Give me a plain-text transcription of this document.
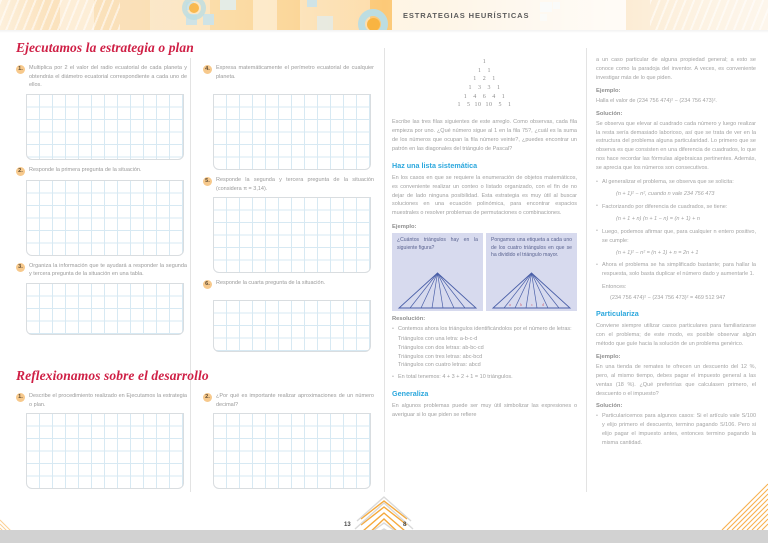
ESTRATEGIAS HEURÍSTICAS
Ejecutamos la estrategia o plan
1.	Multiplica por 2 el valor del radio ecuatorial de cada planeta y obtendrás el diámetro ecuatorial correspondiente a cada uno de ellos.
2.	Responde la primera pregunta de la situación.
3.	Organiza la información que te ayudará a responder la segunda y tercera pregunta de la situación en una tabla.
4.	Expresa matemáticamente el perímetro ecuatorial de cualquier planeta.
5.	Responde la segunda y tercera pregunta de la situación (considera π = 3,14).
6.	Responde la cuarta pregunta de la situación.
Reflexionamos sobre el desarrollo
1.	Describe el procedimiento realizado en Ejecutamos la estrategia o plan.
2.	¿Por qué es importante realizar aproximaciones de un número decimal?
1
1   1
1   2   1
1   3   3   1
1   4   6   4   1
1   5  10  10   5   1

Escribe las tres filas siguientes de este arreglo. Como observas, cada fila empieza por uno. ¿Qué número sigue al 1 en la fila 75?, ¿cuál es la suma de los números que ocupan la fila número veinte?, ¿puedes encontrar un patrón en las diagonales del triángulo de Pascal?

Haz una lista sistemática

En los casos en que se requiere la enumeración de objetos matemáticos, es conveniente realizar un conteo o listado organizado, con el fin de no dejar de lado ninguna posibilidad. Esta estrategia es muy útil al buscar soluciones en una ecuación polinómica, para encontrar espacios muestrales o resolver problemas de permutaciones o combinaciones.

Ejemplo:
¿Cuántos triángulos hay en la siguiente figura?
Pongamos una etiqueta a cada uno de los cuatro triángulos en que se ha dividido el triángulo mayor.
a b c d
Resolución:
• Contemos ahora los triángulos identificándolos por el número de letras:
Triángulos con una letra: a-b-c-d
Triángulos con dos letras: ab-bc-cd
Triángulos con tres letras: abc-bcd
Triángulos con cuatro letras: abcd
• En total tenemos: 4 + 3 + 2 + 1 = 10 triángulos.
Generaliza

En algunos problemas puede ser muy útil simbolizar las expresiones o averiguar si lo que piden se refiere

a un caso particular de alguna propiedad general; a esto se conoce como la paradoja del inventor. A veces, es conveniente investigar más de lo que piden.

Ejemplo:

Halla el valor de (234 756 474)² − (234 756 473)².

Solución:

Se observa que elevar al cuadrado cada número y luego realizar la resta sería demasiado laborioso, así que se trata de ver en la estructura del problema alguna particularidad. Lo primero que se observa es que consisten en una diferencia de cuadrados, lo que nos hace recordar las fórmulas algebraicas pertinentes. Además, se aprecia que los números son consecutivos.

• Al generalizar el problema, se observa que se solicita:
(n + 1)² − n², cuando n vale 234 756 473
• Factorizando por diferencia de cuadrados, se tiene:
(n + 1 + n) (n + 1 − n) = (n + 1) + n
• Luego, podemos afirmar que, para cualquier n entero positivo, se cumple:
(n + 1)² − n² = (n + 1) + n = 2n + 1
• Ahora el problema se ha simplificado bastante; para hallar la respuesta, solo basta duplicar el número dado y aumentarle 1.
Entonces:
(234 756 474)² − (234 756 473)² = 469 512 947
Particulariza

Conviene siempre utilizar casos particulares para familiarizarse con el problema; de este modo, es posible observar algún método que guíe hacia la solución de un problema genérico.

Ejemplo:

En una tienda de remates te ofrecen un descuento del 12 %, pero, al mismo tiempo, debes pagar el impuesto general a las ventas (18 %). ¿Qué preferirías que calculasen primero, el descuento o el impuesto?

Solución:
• Particularicemos para algunos casos: Si el artículo vale S/100 y elijo primero el descuento, termino pagando S/106. Pero si elijo pagar el impuesto antes, entonces termino pagando la misma cantidad.
13	8
